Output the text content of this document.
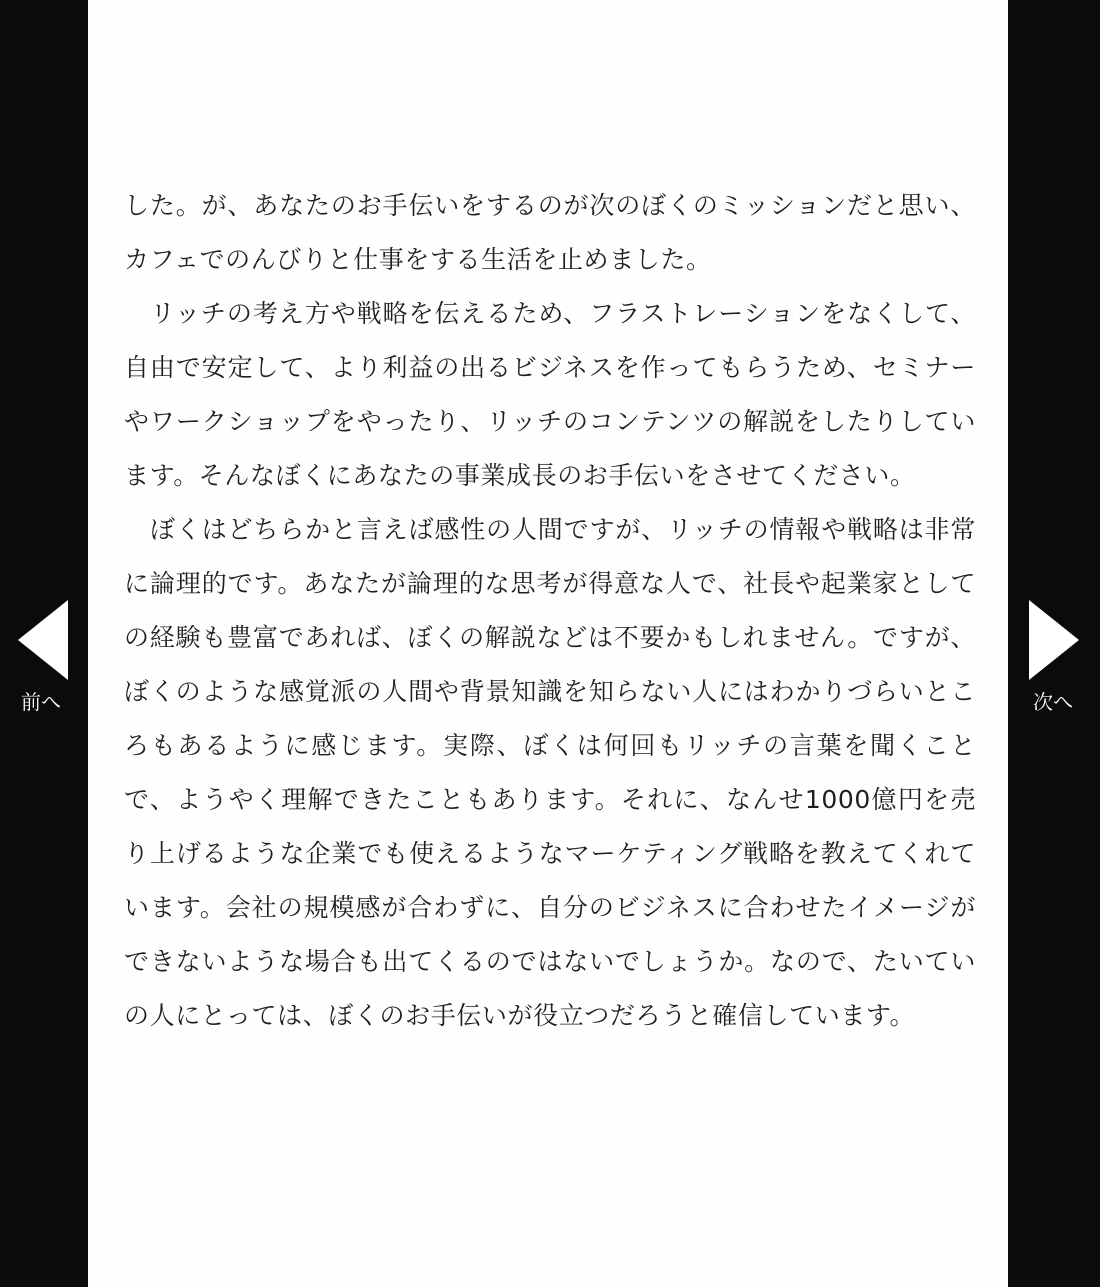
前へ

した。が、あなたのお手伝いをするのが次のぼくのミッションだと思い、カフェでのんびりと仕事をする生活を止めました。

リッチの考え方や戦略を伝えるため、フラストレーションをなくして、自由で安定して、より利益の出るビジネスを作ってもらうため、セミナーやワークショップをやったり、リッチのコンテンツの解説をしたりしています。そんなぼくにあなたの事業成長のお手伝いをさせてください。

ぼくはどちらかと言えば感性の人間ですが、リッチの情報や戦略は非常に論理的です。あなたが論理的な思考が得意な人で、社長や起業家としての経験も豊富であれば、ぼくの解説などは不要かもしれません。ですが、ぼくのような感覚派の人間や背景知識を知らない人にはわかりづらいところもあるように感じます。実際、ぼくは何回もリッチの言葉を聞くことで、ようやく理解できたこともあります。それに、なんせ1000億円を売り上げるような企業でも使えるようなマーケティング戦略を教えてくれています。会社の規模感が合わずに、自分のビジネスに合わせたイメージができないような場合も出てくるのではないでしょうか。なので、たいていの人にとっては、ぼくのお手伝いが役立つだろうと確信しています。

次へ
